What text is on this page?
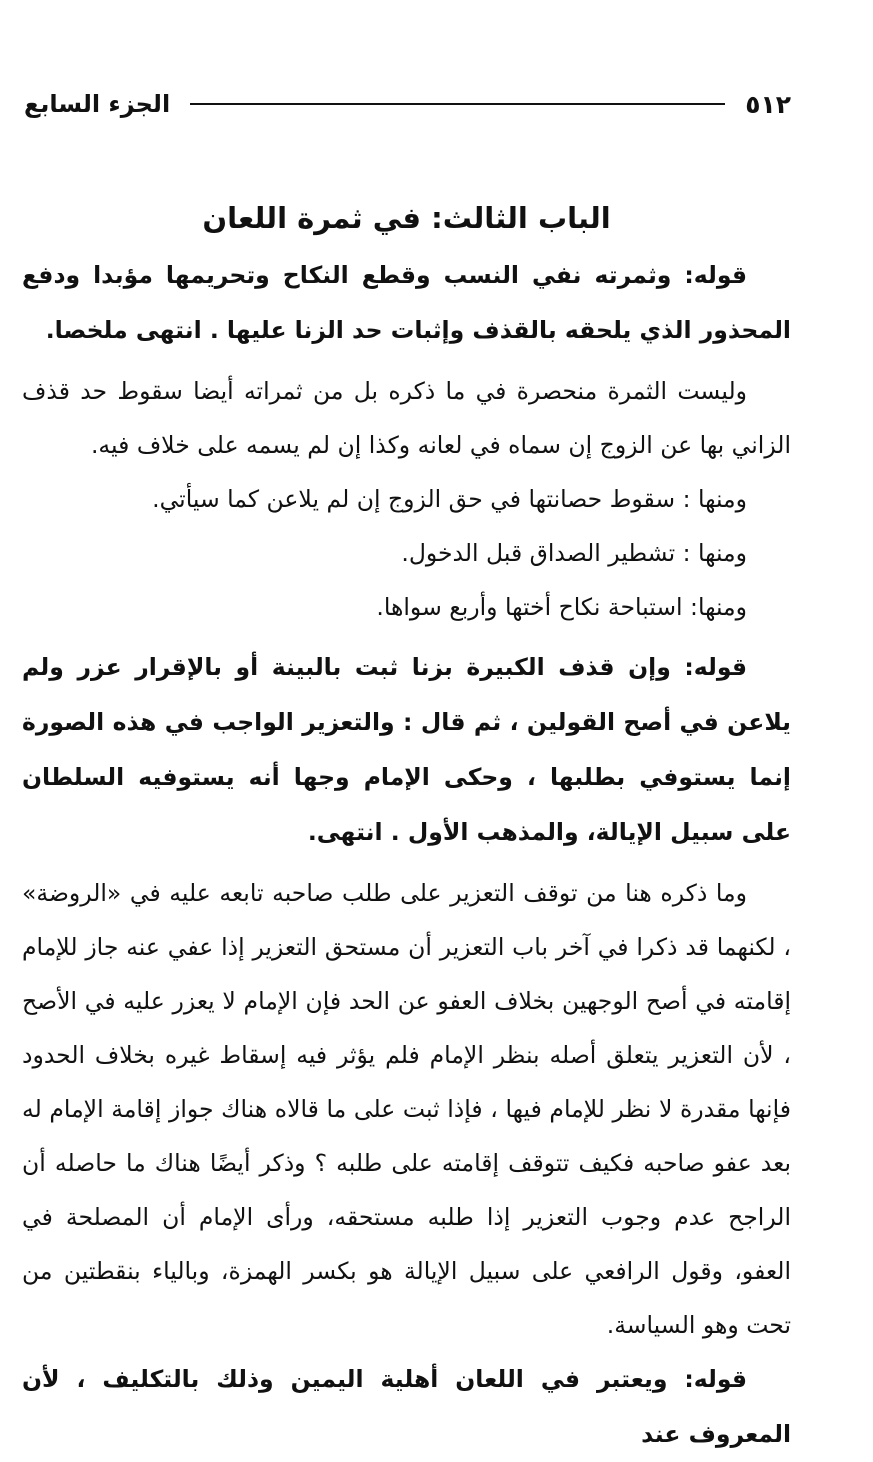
٥١٢
الجزء السابع
الباب الثالث: في ثمرة اللعان

قوله: وثمرته نفي النسب وقطع النكاح وتحريمها مؤبدا ودفع المحذور الذي يلحقه بالقذف وإثبات حد الزنا عليها . انتهى ملخصا.

وليست الثمرة منحصرة في ما ذكره بل من ثمراته أيضا سقوط حد قذف الزاني بها عن الزوج إن سماه في لعانه وكذا إن لم يسمه على خلاف فيه.

ومنها : سقوط حصانتها في حق الزوج إن لم يلاعن كما سيأتي.

ومنها : تشطير الصداق قبل الدخول.

ومنها: استباحة نكاح أختها وأربع سواها.

قوله: وإن قذف الكبيرة بزنا ثبت بالبينة أو بالإقرار عزر ولم يلاعن في أصح القولين ، ثم قال : والتعزير الواجب في هذه الصورة إنما يستوفي بطلبها ، وحكى الإمام وجها أنه يستوفيه السلطان على سبيل الإيالة، والمذهب الأول . انتهى.

وما ذكره هنا من توقف التعزير على طلب صاحبه تابعه عليه في «الروضة» ، لكنهما قد ذكرا في آخر باب التعزير أن مستحق التعزير إذا عفي عنه جاز للإمام إقامته في أصح الوجهين بخلاف العفو عن الحد فإن الإمام لا يعزر عليه في الأصح ، لأن التعزير يتعلق أصله بنظر الإمام فلم يؤثر فيه إسقاط غيره بخلاف الحدود فإنها مقدرة لا نظر للإمام فيها ، فإذا ثبت على ما قالاه هناك جواز إقامة الإمام له بعد عفو صاحبه فكيف تتوقف إقامته على طلبه ؟ وذكر أيضًا هناك ما حاصله أن الراجح عدم وجوب التعزير إذا طلبه مستحقه، ورأى الإمام أن المصلحة في العفو، وقول الرافعي على سبيل الإيالة هو بكسر الهمزة، وبالياء بنقطتين من تحت وهو السياسة.

قوله: ويعتبر في اللعان أهلية اليمين وذلك بالتكليف ، لأن المعروف عند
